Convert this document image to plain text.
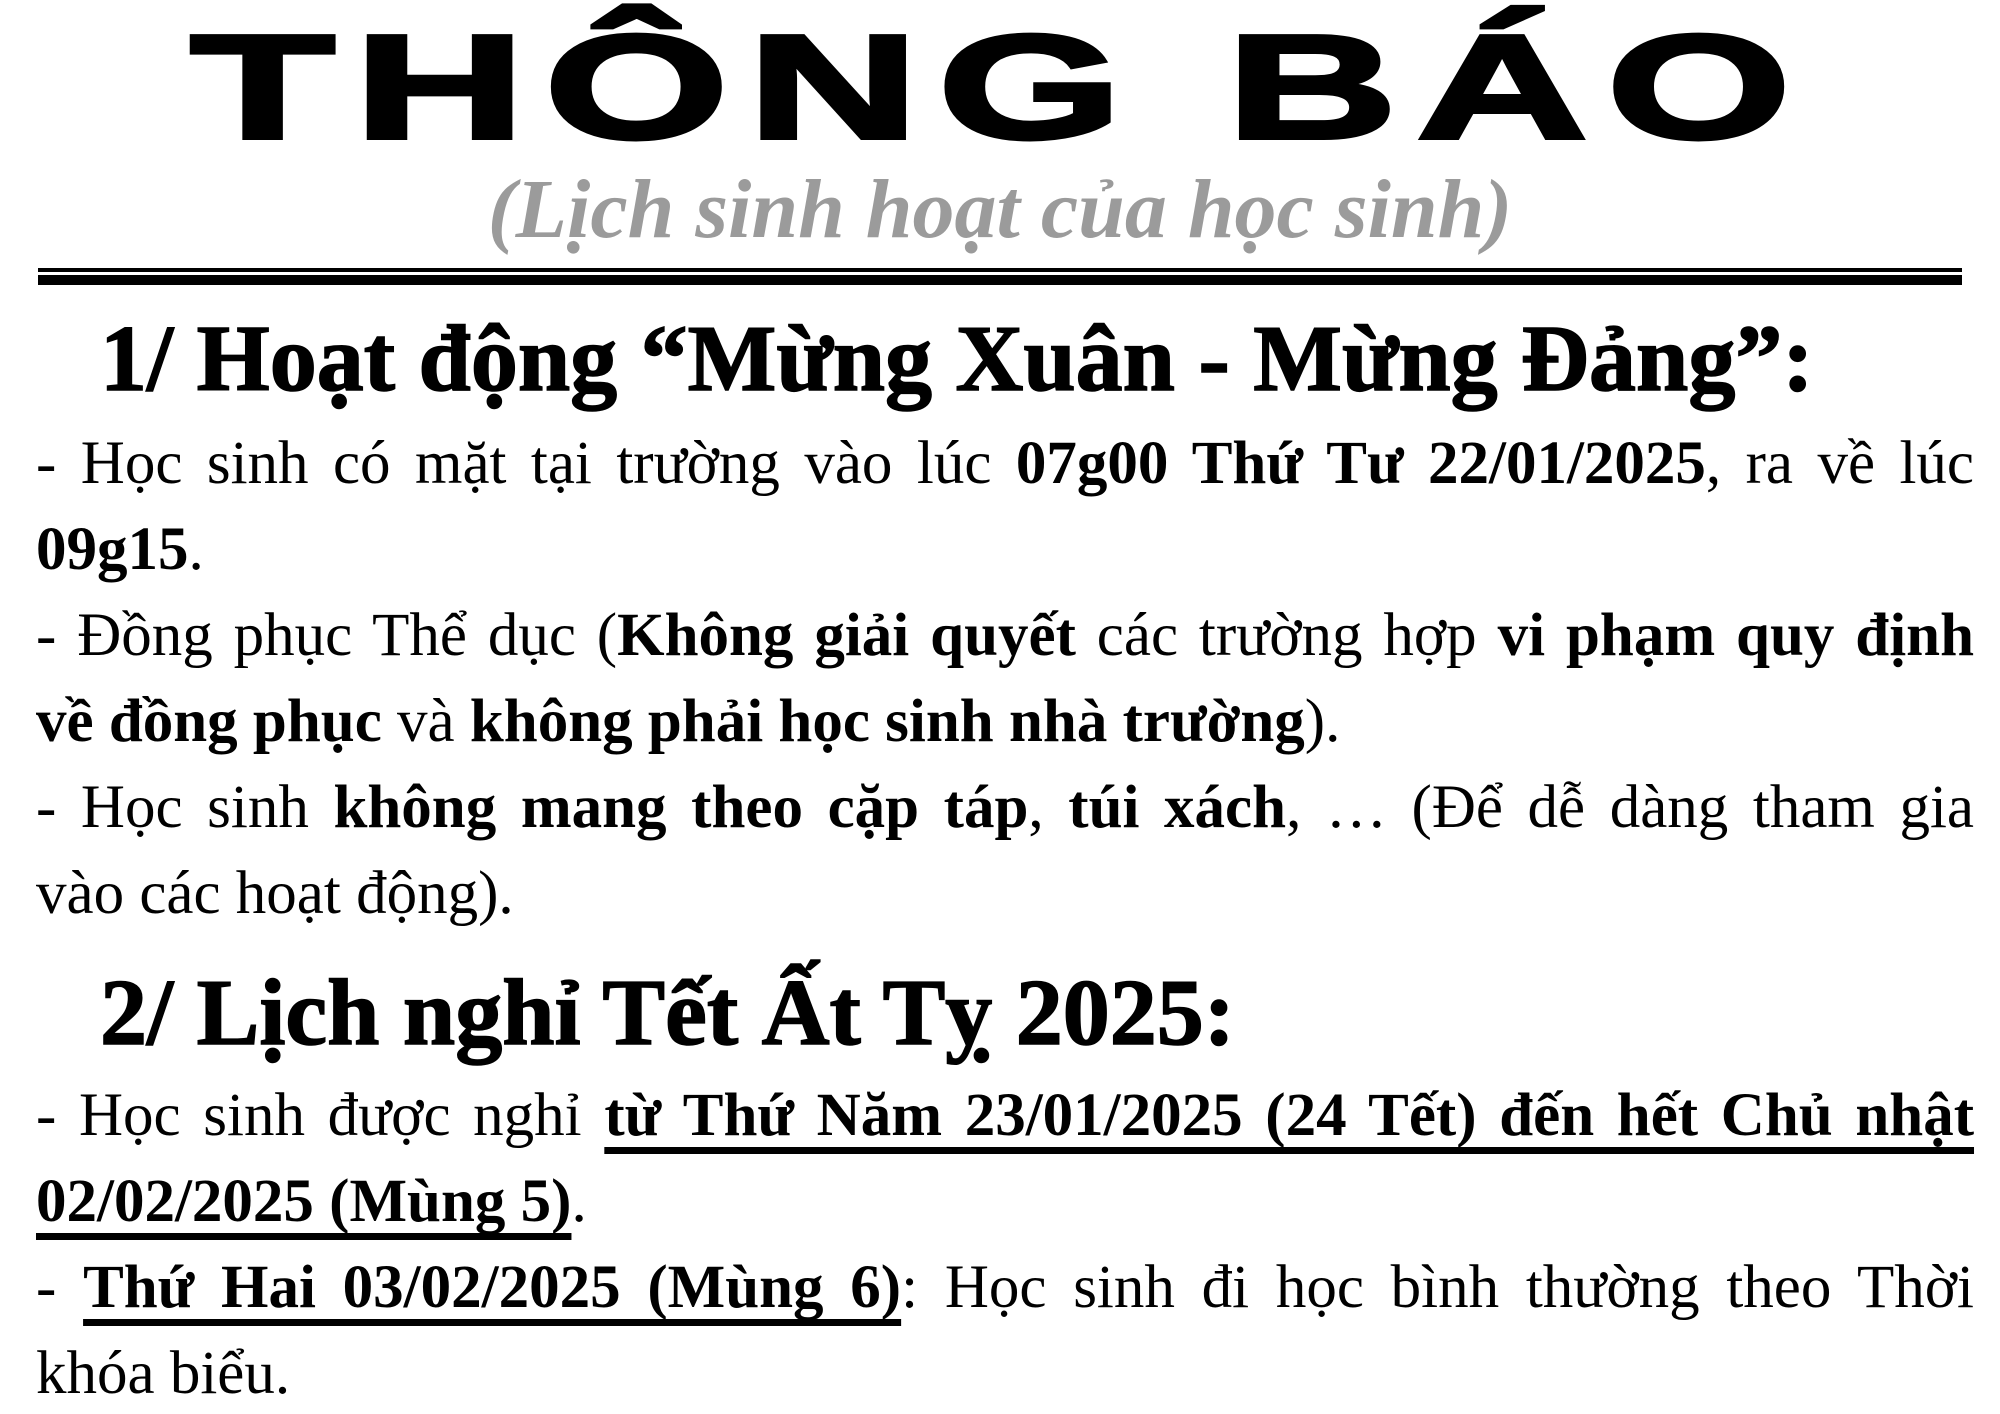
THÔNG BÁO
(Lịch sinh hoạt của học sinh)
1/ Hoạt động “Mừng Xuân - Mừng Đảng”:
- Học sinh có mặt tại trường vào lúc 07g00 Thứ Tư 22/01/2025, ra về lúc
09g15.
- Đồng phục Thể dục (Không giải quyết các trường hợp vi phạm quy định
về đồng phục và không phải học sinh nhà trường).
- Học sinh không mang theo cặp táp, túi xách, … (Để dễ dàng tham gia
vào các hoạt động).
2/ Lịch nghỉ Tết Ất Tỵ 2025:
- Học sinh được nghỉ từ Thứ Năm 23/01/2025 (24 Tết) đến hết Chủ nhật
02/02/2025 (Mùng 5).
- Thứ Hai 03/02/2025 (Mùng 6): Học sinh đi học bình thường theo Thời
khóa biểu.
